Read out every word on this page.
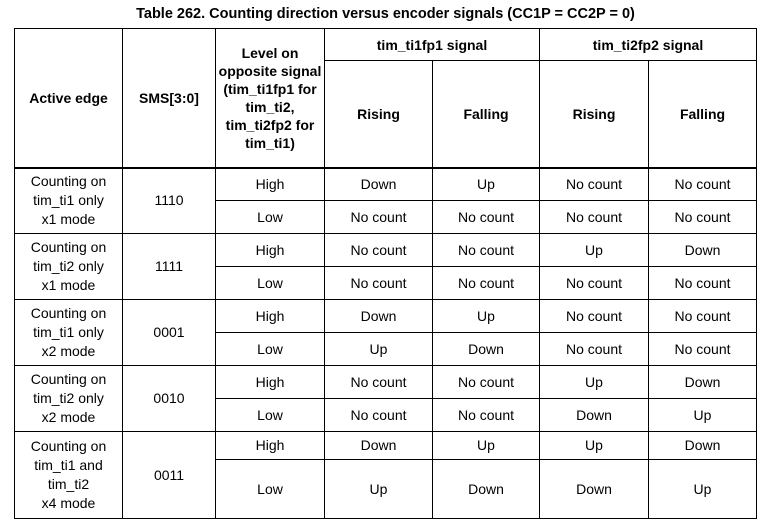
Table 262. Counting direction versus encoder signals (CC1P = CC2P = 0)
Active edge	SMS[3:0]	Level on opposite signal (tim_ti1fp1 for tim_ti2, tim_ti2fp2 for tim_ti1)	tim_ti1fp1 signal		tim_ti2fp2 signal	
			Rising	Falling	Rising	Falling

Counting on
tim_ti1 only
x1 mode	1110	High	Down	Up	No count	No count
		Low	No count	No count	No count	No count

Counting on
tim_ti2 only
x1 mode	1111	High	No count	No count	Up	Down
		Low	No count	No count	No count	No count

Counting on
tim_ti1 only
x2 mode	0001	High	Down	Up	No count	No count
		Low	Up	Down	No count	No count

Counting on
tim_ti2 only
x2 mode	0010	High	No count	No count	Up	Down
		Low	No count	No count	Down	Up

Counting on
tim_ti1 and
tim_ti2
x4 mode	0011	High	Down	Up	Up	Down
		Low	Up	Down	Down	Up
